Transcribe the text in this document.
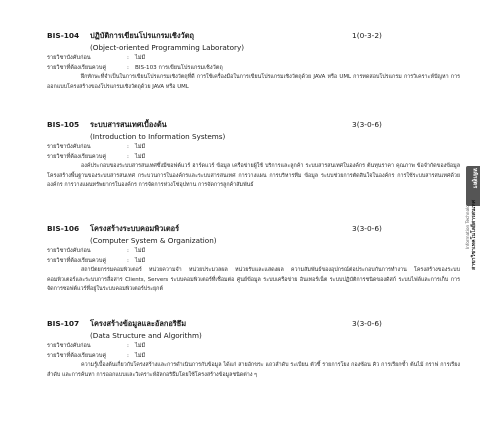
BIS-104 ปฏิบัติการเขียนโปรแกรมเชิงวัตถุ	1(0-3-2)
(Object-oriented Programming Laboratory)
รายวิชาบังคับก่อน	: ไม่มี
รายวิชาที่ต้องเรียนควบคู่	: BIS-103 การเขียนโปรแกรมเชิงวัตถุ

ฝึกทักษะที่จำเป็นในการเขียนโปรแกรมเชิงวัตถุที่ดี การใช้เครื่องมือในการเขียนโปรแกรมเชิงวัตถุด้วย JAVA หรือ UML การทดสอบโปรแกรม การวิเคราะห์ปัญหา การออกแบบโครงสร้างของโปรแกรมเชิงวัตถุด้วย JAVA หรือ UML

BIS-105 ระบบสารสนเทศเบื้องต้น	3(3-0-6)
(Introduction to Information Systems)
รายวิชาบังคับก่อน	: ไม่มี
รายวิชาที่ต้องเรียนควบคู่	: ไม่มี

องค์ประกอบของระบบสารสนเทศซึ่งมีซอฟต์แวร์ ฮาร์ดแวร์ ข้อมูล เครือข่ายผู้ใช้ บริการและลูกค้า ระบบสารสนเทศในองค์กร ต้นทุนราคา คุณภาพ ข้อจำกัดของข้อมูล โครงสร้างพื้นฐานของระบบสารสนเทศ กระบวนการในองค์กรและระบบสารสนเทศ การวางแผน การบริหารทีม ข้อมูล ระบบช่วยการตัดสินใจในองค์กร การใช้ระบบสารสนเทศด้วยองค์กร การวางแผนทรัพยากรในองค์กร การจัดการห่วงโซ่อุปทาน การจัดการลูกค้าสัมพันธ์

BIS-106 โครงสร้างระบบคอมพิวเตอร์	3(3-0-6)
(Computer System & Organization)
รายวิชาบังคับก่อน	: ไม่มี
รายวิชาที่ต้องเรียนควบคู่	: ไม่มี

สถาปัตยกรรมคอมพิวเตอร์ หน่วยความจำ หน่วยประมวลผล หน่วยรับและแสดงผล ความสัมพันธ์ของอุปกรณ์ต่อประกอบกันการทำงาน โครงสร้างของระบบคอมพิวเตอร์และระบบการสื่อสาร Clients, Servers ระบบคอมพิวเตอร์ที่เชื่อมต่อ ศูนย์ข้อมูล ระบบเครือข่าย อินเทอร์เน็ต ระบบปฏิบัติการชนิดของดิสก์ ระบบไฟล์และการเก็บ การจัดการซอฟต์แวร์ที่อยู่ในระบบคอมพิวเตอร์ประยุกต์

BIS-107 โครงสร้างข้อมูลและอัลกอริธึม	3(3-0-6)
(Data Structure and Algorithm)
รายวิชาบังคับก่อน	: ไม่มี
รายวิชาที่ต้องเรียนควบคู่	: ไม่มี

ความรู้เบื้องต้นเกี่ยวกับโครงสร้างและการดำเนินการกับข้อมูล ได้แก่ สายอักขระ แถวลำดับ ระเบียน ตัวชี้ รายการโยง กองซ้อน คิว การเรียกซ้ำ ต้นไม้ กราฟ การเรียงลำดับ และการค้นหา การออกแบบและวิเคราะห์อัลกอริธึมโดยใช้โครงสร้างข้อมูลชนิดต่าง ๆ

หลักสูตร
สาขาวิชาเทคโนโลยีสารสนเทศ
Information Technology
